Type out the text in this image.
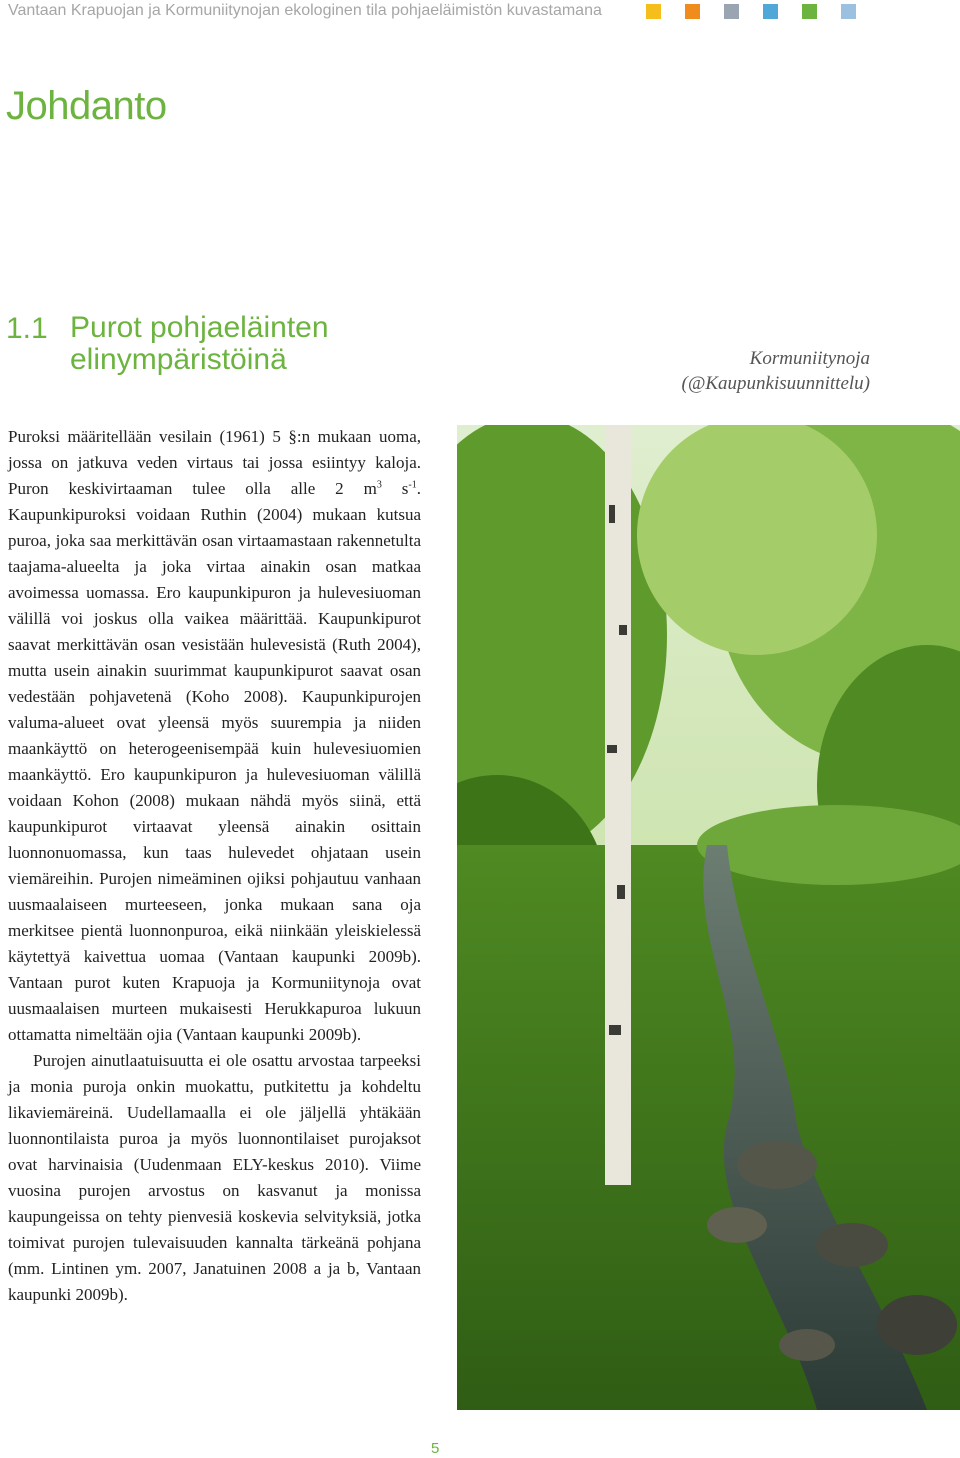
Vantaan Krapuojan ja Kormuniitynojan ekologinen tila pohjaeläimistön kuvastamana
Johdanto
1.1 Purot pohjaeläinten
elinympäristöinä	Kormuniitynoja
(@Kaupunkisuunnittelu)

Puroksi määritellään vesilain (1961) 5 §:n mukaan uoma, jossa on jatkuva veden virtaus tai jossa esiintyy kaloja. Puron keskivirtaaman tulee olla alle 2 $m^3$ $s^{-1}$. Kaupunkipuroksi voidaan Ruthin (2004) mukaan kutsua puroa, joka saa merkittävän osan virtaamastaan rakennetulta taajama-alueelta ja joka virtaa ainakin osan matkaa avoimessa uomassa. Ero kaupunkipuron ja hulevesiuoman välillä voi joskus olla vaikea määrittää. Kaupunkipurot saavat merkittävän osan vesistään hulevesistä (Ruth 2004), mutta usein ainakin suurimmat kaupunkipurot saavat osan vedestään pohjavetenä (Koho 2008). Kaupunkipurojen valuma-alueet ovat yleensä myös suurempia ja niiden maankäyttö on heterogeenisempää kuin hulevesiuomien maankäyttö. Ero kaupunkipuron ja hulevesiuoman välillä voidaan Kohon (2008) mukaan nähdä myös siinä, että kaupunkipurot virtaavat yleensä ainakin osittain luonnonuomassa, kun taas hulevedet ohjataan usein viemäreihin. Purojen nimeäminen ojiksi pohjautuu vanhaan uusmaalaiseen murteeseen, jonka mukaan sana oja merkitsee pientä luonnonpuroa, eikä niinkään yleiskielessä käytettyä kaivettua uomaa (Vantaan kaupunki 2009b). Vantaan purot kuten Krapuoja ja Kormuniitynoja ovat uusmaalaisen murteen mukaisesti Herukkapuroa lukuun ottamatta nimeltään ojia (Vantaan kaupunki 2009b).

Purojen ainutlaatuisuutta ei ole osattu arvostaa tarpeeksi ja monia puroja onkin muokattu, putkitettu ja kohdeltu likaviemäreinä. Uudellamaalla ei ole jäljellä yhtäkään luonnontilaista puroa ja myös luonnontilaiset purojaksot ovat harvinaisia (Uudenmaan ELY-keskus 2010). Viime vuosina purojen arvostus on kasvanut ja monissa kaupungeissa on tehty pienvesiä koskevia selvityksiä, jotka toimivat purojen tulevaisuuden kannalta tärkeänä pohjana (mm. Lintinen ym. 2007, Janatuinen 2008 a ja b, Vantaan kaupunki 2009b).

5
